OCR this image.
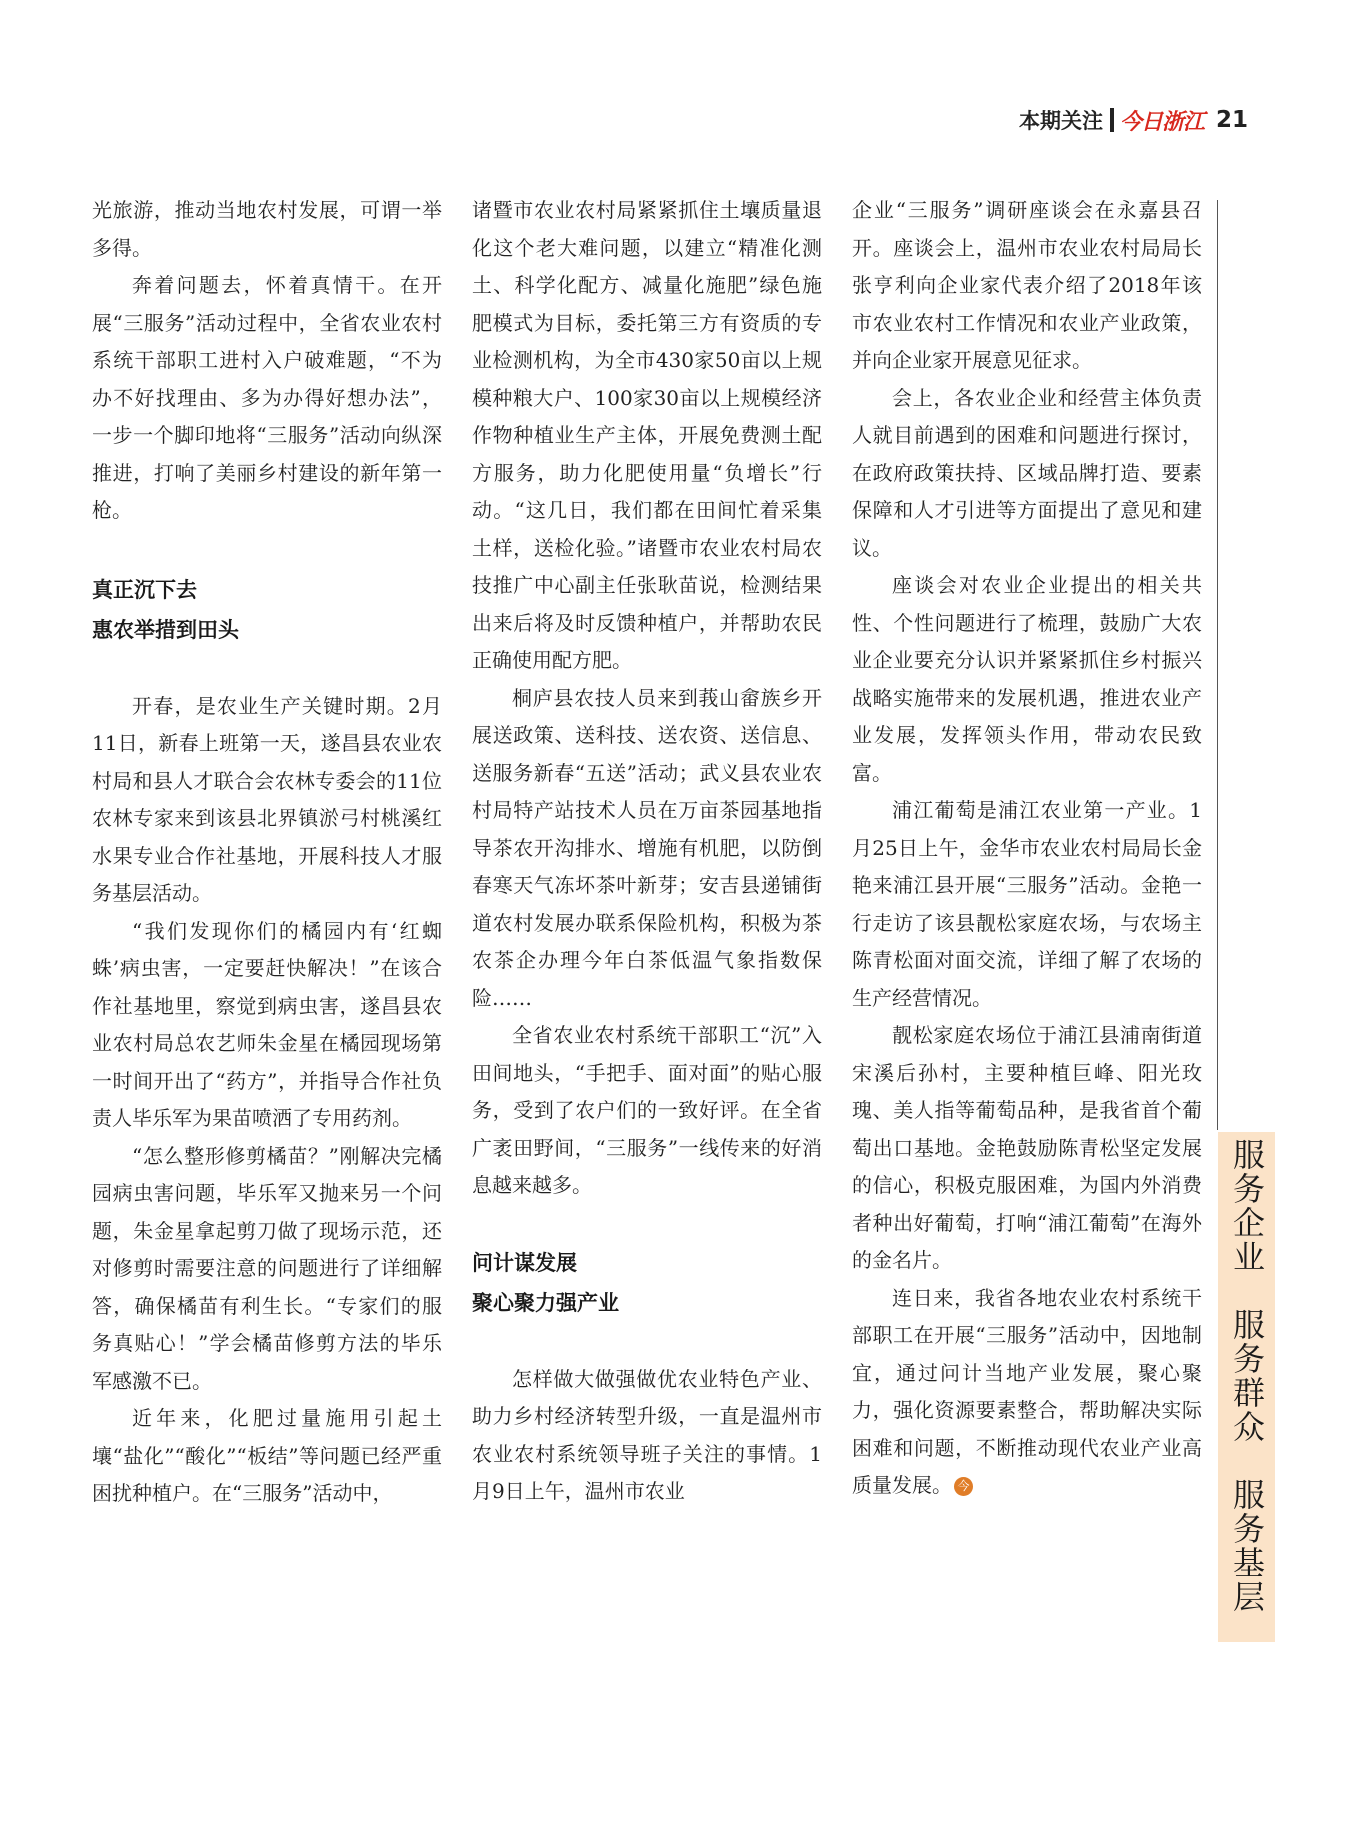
本期关注 今日浙江 21

光旅游，推动当地农村发展，可谓一举多得。

奔着问题去，怀着真情干。在开展“三服务”活动过程中，全省农业农村系统干部职工进村入户破难题，“不为办不好找理由、多为办得好想办法”，一步一个脚印地将“三服务”活动向纵深推进，打响了美丽乡村建设的新年第一枪。

真正沉下去
惠农举措到田头

开春，是农业生产关键时期。2月11日，新春上班第一天，遂昌县农业农村局和县人才联合会农林专委会的11位农林专家来到该县北界镇淤弓村桃溪红水果专业合作社基地，开展科技人才服务基层活动。

“我们发现你们的橘园内有‘红蜘蛛’病虫害，一定要赶快解决！”在该合作社基地里，察觉到病虫害，遂昌县农业农村局总农艺师朱金星在橘园现场第一时间开出了“药方”，并指导合作社负责人毕乐军为果苗喷洒了专用药剂。

“怎么整形修剪橘苗？”刚解决完橘园病虫害问题，毕乐军又抛来另一个问题，朱金星拿起剪刀做了现场示范，还对修剪时需要注意的问题进行了详细解答，确保橘苗有利生长。“专家们的服务真贴心！”学会橘苗修剪方法的毕乐军感激不已。

近年来，化肥过量施用引起土壤“盐化”“酸化”“板结”等问题已经严重困扰种植户。在“三服务”活动中，

诸暨市农业农村局紧紧抓住土壤质量退化这个老大难问题，以建立“精准化测土、科学化配方、减量化施肥”绿色施肥模式为目标，委托第三方有资质的专业检测机构，为全市430家50亩以上规模种粮大户、100家30亩以上规模经济作物种植业生产主体，开展免费测土配方服务，助力化肥使用量“负增长”行动。“这几日，我们都在田间忙着采集土样，送检化验。”诸暨市农业农村局农技推广中心副主任张耿苗说，检测结果出来后将及时反馈种植户，并帮助农民正确使用配方肥。

桐庐县农技人员来到莪山畲族乡开展送政策、送科技、送农资、送信息、送服务新春“五送”活动；武义县农业农村局特产站技术人员在万亩茶园基地指导茶农开沟排水、增施有机肥，以防倒春寒天气冻坏茶叶新芽；安吉县递铺街道农村发展办联系保险机构，积极为茶农茶企办理今年白茶低温气象指数保险……

全省农业农村系统干部职工“沉”入田间地头，“手把手、面对面”的贴心服务，受到了农户们的一致好评。在全省广袤田野间，“三服务”一线传来的好消息越来越多。

问计谋发展
聚心聚力强产业

怎样做大做强做优农业特色产业、助力乡村经济转型升级，一直是温州市农业农村系统领导班子关注的事情。1月9日上午，温州市农业

企业“三服务”调研座谈会在永嘉县召开。座谈会上，温州市农业农村局局长张亨利向企业家代表介绍了2018年该市农业农村工作情况和农业产业政策，并向企业家开展意见征求。

会上，各农业企业和经营主体负责人就目前遇到的困难和问题进行探讨，在政府政策扶持、区域品牌打造、要素保障和人才引进等方面提出了意见和建议。

座谈会对农业企业提出的相关共性、个性问题进行了梳理，鼓励广大农业企业要充分认识并紧紧抓住乡村振兴战略实施带来的发展机遇，推进农业产业发展，发挥领头作用，带动农民致富。

浦江葡萄是浦江农业第一产业。1月25日上午，金华市农业农村局局长金艳来浦江县开展“三服务”活动。金艳一行走访了该县靓松家庭农场，与农场主陈青松面对面交流，详细了解了农场的生产经营情况。

靓松家庭农场位于浦江县浦南街道宋溪后孙村，主要种植巨峰、阳光玫瑰、美人指等葡萄品种，是我省首个葡萄出口基地。金艳鼓励陈青松坚定发展的信心，积极克服困难，为国内外消费者种出好葡萄，打响“浦江葡萄”在海外的金名片。

连日来，我省各地农业农村系统干部职工在开展“三服务”活动中，因地制宜，通过问计当地产业发展，聚心聚力，强化资源要素整合，帮助解决实际困难和问题，不断推动现代农业产业高质量发展。 今	服务企业　服务群众　服务基层
